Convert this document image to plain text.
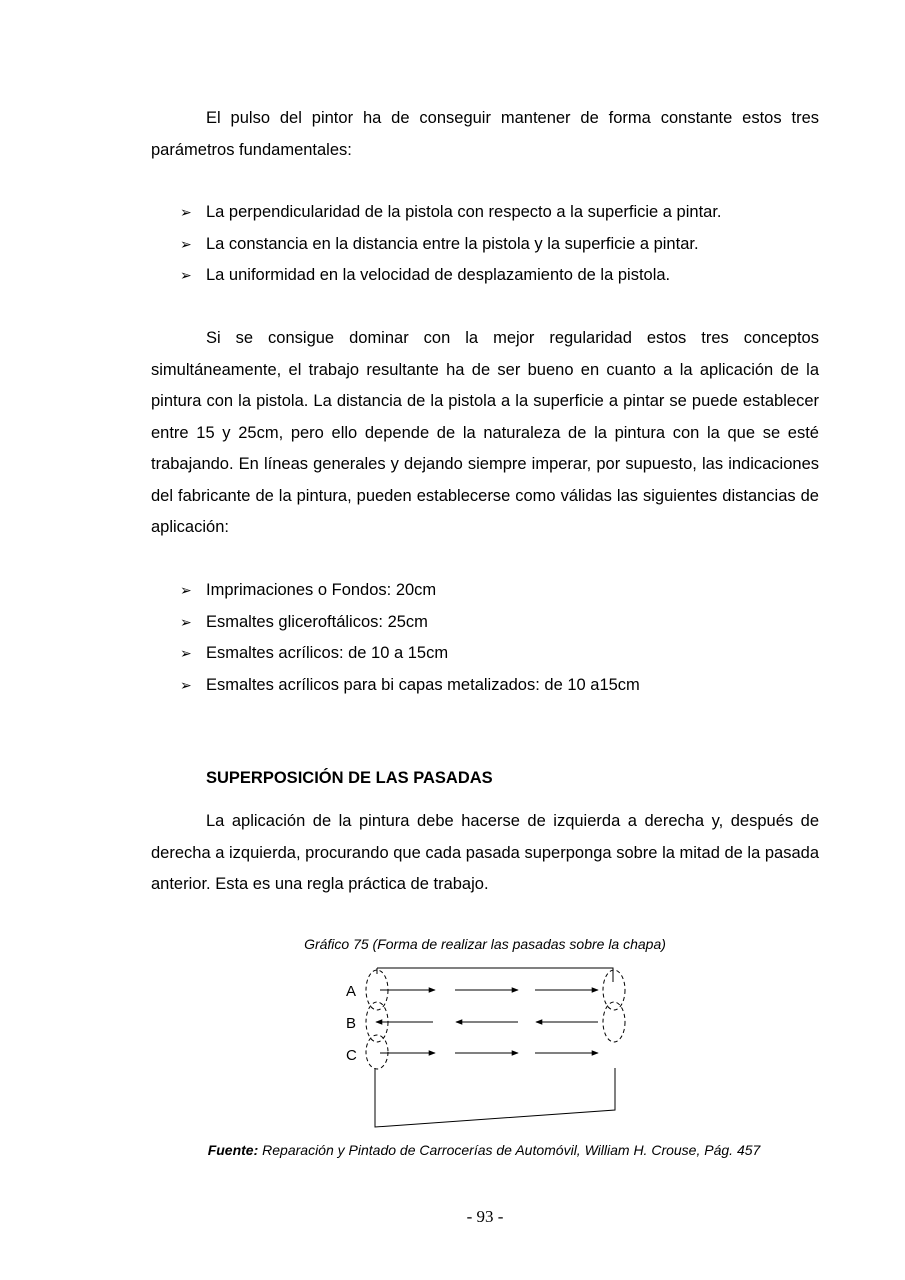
El pulso del pintor ha de conseguir mantener de forma constante estos tres parámetros fundamentales:

➢ La perpendicularidad de la pistola con respecto a la superficie a pintar.
➢ La constancia en la distancia entre la pistola y la superficie a pintar.
➢ La uniformidad en la velocidad de desplazamiento de la pistola.

Si se consigue dominar con la mejor regularidad estos tres conceptos simultáneamente, el trabajo resultante ha de ser bueno en cuanto a la aplicación de la pintura con la pistola. La distancia de la pistola a la superficie a pintar se puede establecer entre 15 y 25cm, pero ello depende de la naturaleza de la pintura con la que se esté trabajando. En líneas generales y dejando siempre imperar, por supuesto, las indicaciones del fabricante de la pintura, pueden establecerse como válidas las siguientes distancias de aplicación:

➢ Imprimaciones o Fondos: 20cm
➢ Esmaltes gliceroftálicos: 25cm
➢ Esmaltes acrílicos: de 10 a 15cm
➢ Esmaltes acrílicos para bi capas metalizados: de 10 a15cm
SUPERPOSICIÓN DE LAS PASADAS

La aplicación de la pintura debe hacerse de izquierda a derecha y, después de derecha a izquierda, procurando que cada pasada superponga sobre la mitad de la pasada anterior. Esta es una regla práctica de trabajo.

Gráfico 75 (Forma de realizar las pasadas sobre la chapa)
A
B
C
Fuente: Reparación y Pintado de Carrocerías de Automóvil, William H. Crouse, Pág. 457
- 93 -
